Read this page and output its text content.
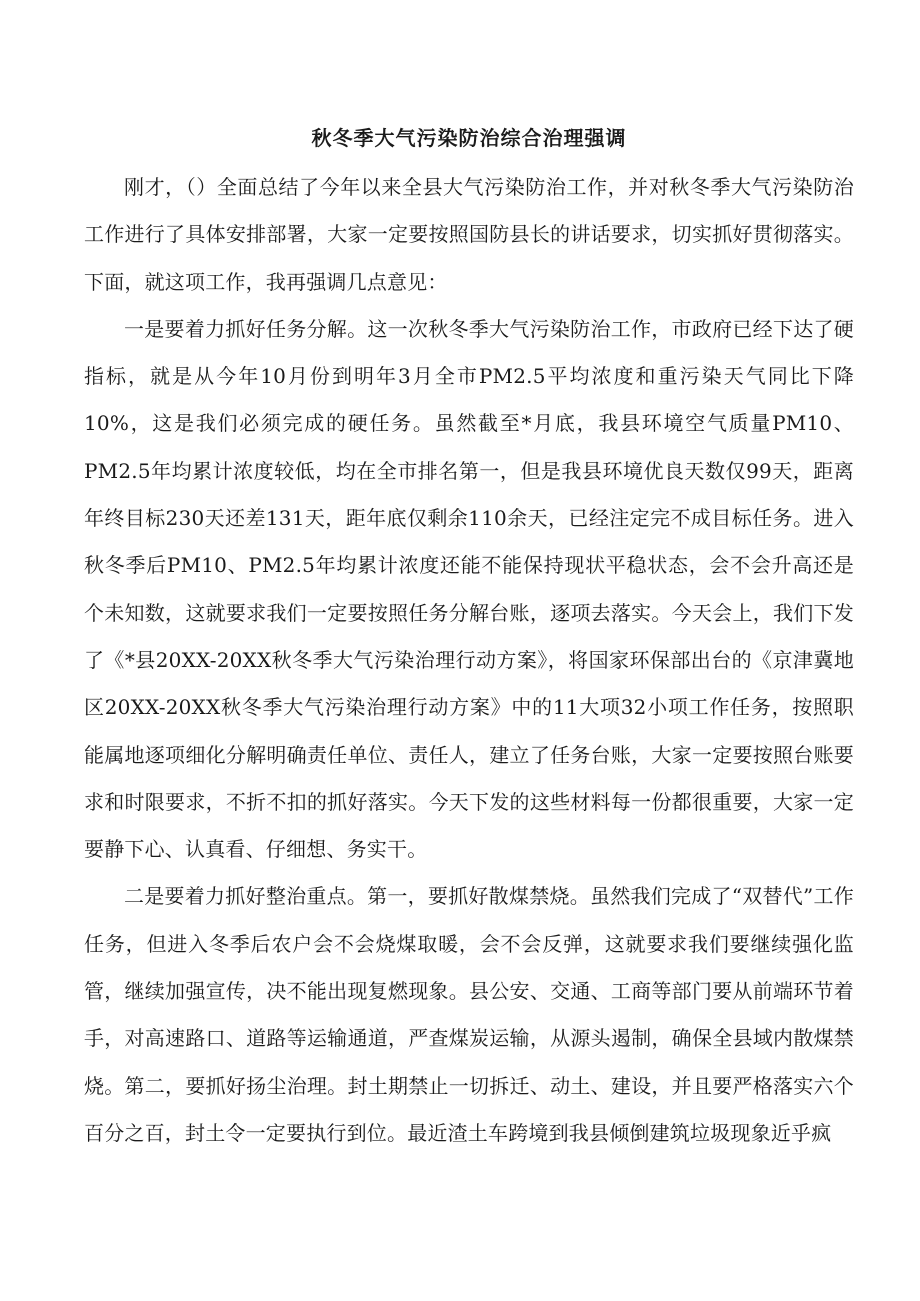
秋冬季大气污染防治综合治理强调

刚才，（）全面总结了今年以来全县大气污染防治工作，并对秋冬季大气污染防治工作进行了具体安排部署，大家一定要按照国防县长的讲话要求，切实抓好贯彻落实。下面，就这项工作，我再强调几点意见：

一是要着力抓好任务分解。这一次秋冬季大气污染防治工作，市政府已经下达了硬指标，就是从今年10月份到明年3月全市PM2.5平均浓度和重污染天气同比下降10%，这是我们必须完成的硬任务。虽然截至*月底，我县环境空气质量PM10、PM2.5年均累计浓度较低，均在全市排名第一，但是我县环境优良天数仅99天，距离年终目标230天还差131天，距年底仅剩余110余天，已经注定完不成目标任务。进入秋冬季后PM10、PM2.5年均累计浓度还能不能保持现状平稳状态，会不会升高还是个未知数，这就要求我们一定要按照任务分解台账，逐项去落实。今天会上，我们下发了《*县20XX-20XX秋冬季大气污染治理行动方案》，将国家环保部出台的《京津冀地区20XX-20XX秋冬季大气污染治理行动方案》中的11大项32小项工作任务，按照职能属地逐项细化分解明确责任单位、责任人，建立了任务台账，大家一定要按照台账要求和时限要求，不折不扣的抓好落实。今天下发的这些材料每一份都很重要，大家一定要静下心、认真看、仔细想、务实干。

二是要着力抓好整治重点。第一，要抓好散煤禁烧。虽然我们完成了“双替代”工作任务，但进入冬季后农户会不会烧煤取暖，会不会反弹，这就要求我们要继续强化监管，继续加强宣传，决不能出现复燃现象。县公安、交通、工商等部门要从前端环节着手，对高速路口、道路等运输通道，严查煤炭运输，从源头遏制，确保全县域内散煤禁烧。第二，要抓好扬尘治理。封土期禁止一切拆迁、动土、建设，并且要严格落实六个百分之百，封土令一定要执行到位。最近渣土车跨境到我县倾倒建筑垃圾现象近乎疯
